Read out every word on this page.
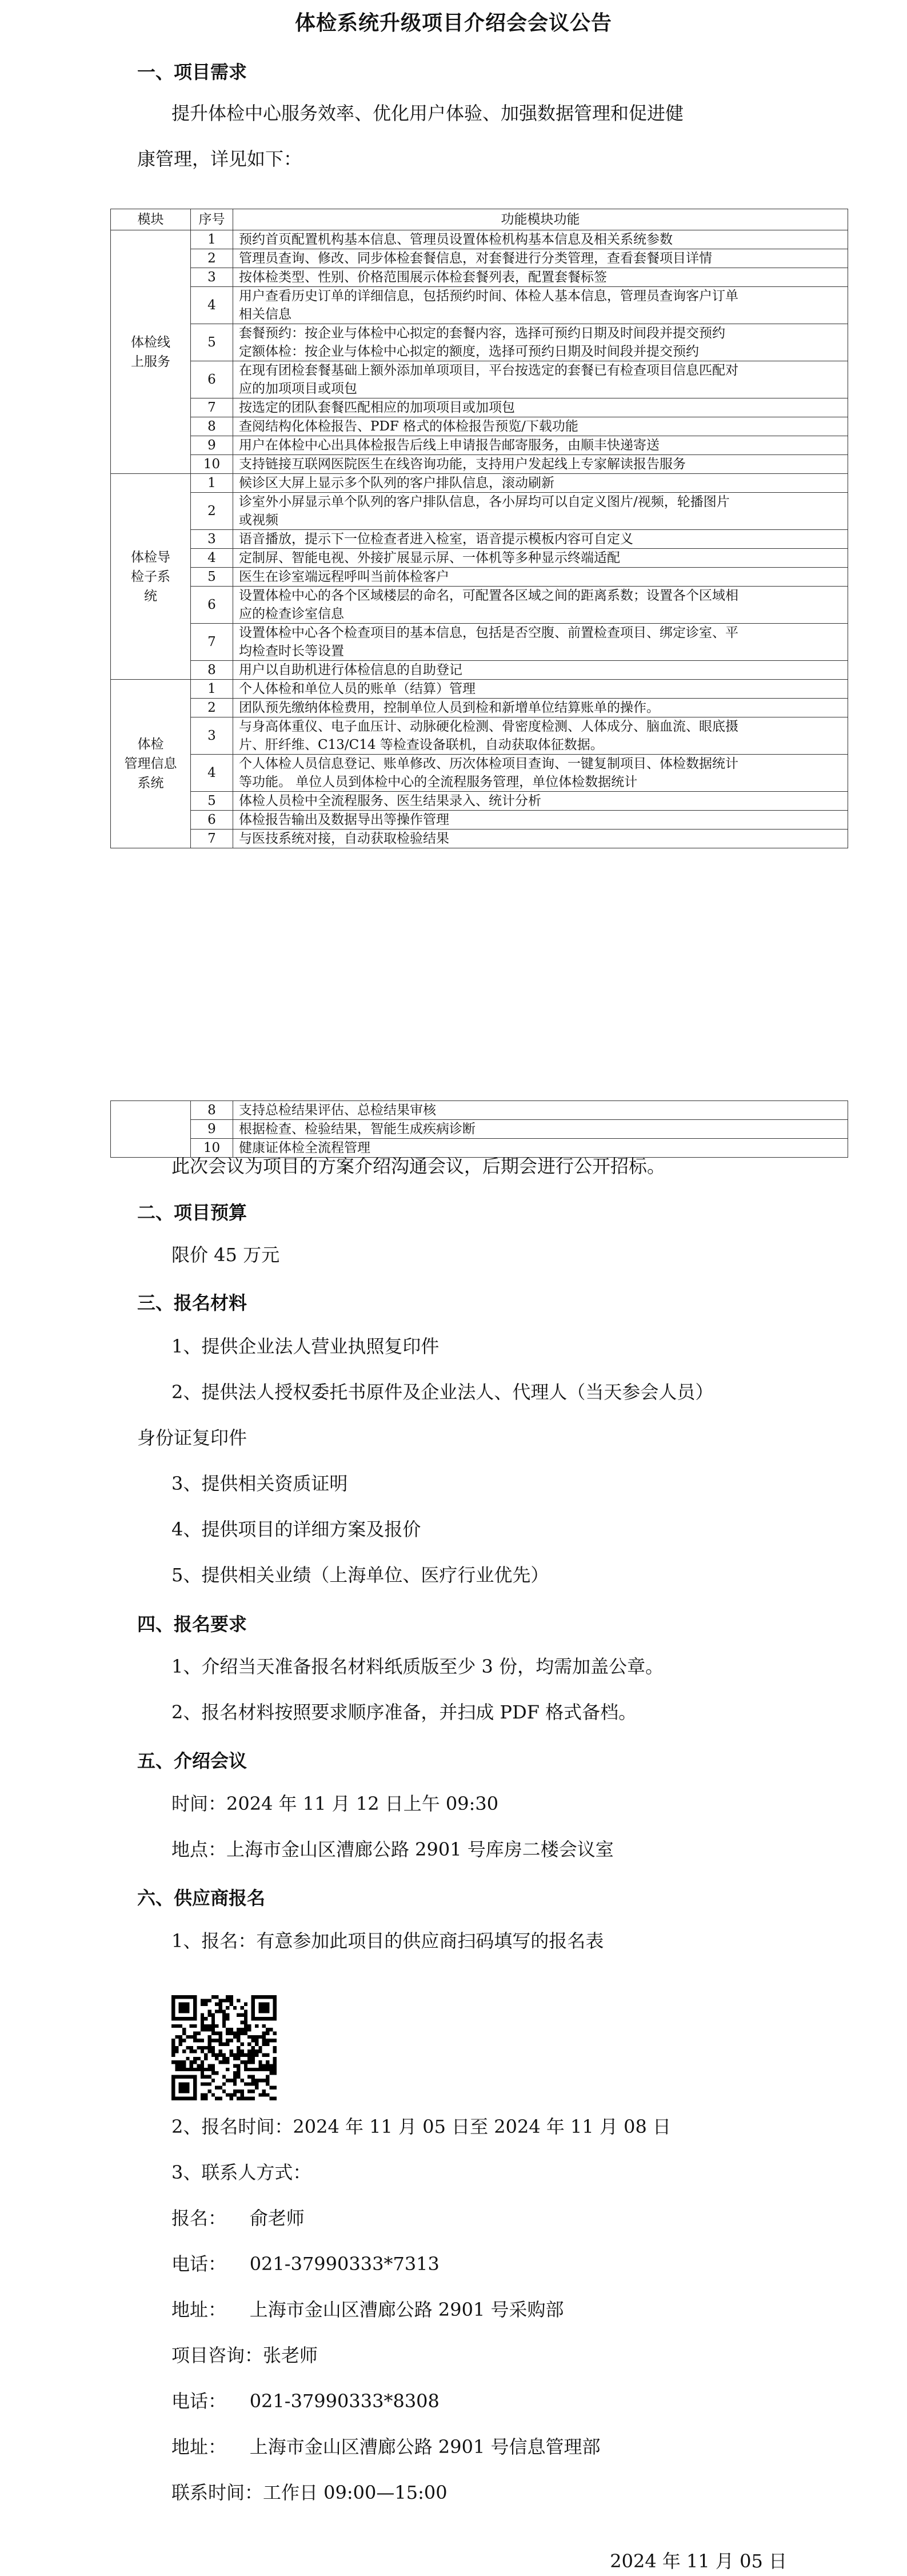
体检系统升级项目介绍会会议公告
一、项目需求
提升体检中心服务效率、优化用户体验、加强数据管理和促进健
康管理，详见如下：
模块	序号	功能模块功能

体检线
上服务	1	预约首页配置机构基本信息、管理员设置体检机构基本信息及相关系统参数

	2	管理员查询、修改、同步体检套餐信息，对套餐进行分类管理，查看套餐项目详情

	3	按体检类型、性别、价格范围展示体检套餐列表，配置套餐标签

	4	用户查看历史订单的详细信息，包括预约时间、体检人基本信息，管理员查询客户订单
相关信息

	5	套餐预约：按企业与体检中心拟定的套餐内容，选择可预约日期及时间段并提交预约
定额体检：按企业与体检中心拟定的额度，选择可预约日期及时间段并提交预约

	6	在现有团检套餐基础上额外添加单项项目，平台按选定的套餐已有检查项目信息匹配对
应的加项项目或项包

	7	按选定的团队套餐匹配相应的加项项目或加项包

	8	查阅结构化体检报告、PDF 格式的体检报告预览/下载功能

	9	用户在体检中心出具体检报告后线上申请报告邮寄服务，由顺丰快递寄送

	10	支持链接互联网医院医生在线咨询功能，支持用户发起线上专家解读报告服务

体检导
检子系
统	1	候诊区大屏上显示多个队列的客户排队信息，滚动刷新

	2	诊室外小屏显示单个队列的客户排队信息，各小屏均可以自定义图片/视频，轮播图片
或视频

	3	语音播放，提示下一位检查者进入检室，语音提示模板内容可自定义

	4	定制屏、智能电视、外接扩展显示屏、一体机等多种显示终端适配

	5	医生在诊室端远程呼叫当前体检客户

	6	设置体检中心的各个区域楼层的命名，可配置各区域之间的距离系数；设置各个区域相
应的检查诊室信息

	7	设置体检中心各个检查项目的基本信息，包括是否空腹、前置检查项目、绑定诊室、平
均检查时长等设置

	8	用户以自助机进行体检信息的自助登记

体检
管理信息
系统	1	个人体检和单位人员的账单（结算）管理

	2	团队预先缴纳体检费用，控制单位人员到检和新增单位结算账单的操作。

	3	与身高体重仪、电子血压计、动脉硬化检测、骨密度检测、人体成分、脑血流、眼底摄
片、肝纤维、C13/C14 等检查设备联机，自动获取体征数据。

	4	个人体检人员信息登记、账单修改、历次体检项目查询、一键复制项目、体检数据统计
等功能。 单位人员到体检中心的全流程服务管理，单位体检数据统计

	5	体检人员检中全流程服务、医生结果录入、统计分析

	6	体检报告输出及数据导出等操作管理

	7	与医技系统对接，自动获取检验结果
	8	支持总检结果评估、总检结果审核

	9	根据检查、检验结果，智能生成疾病诊断

	10	健康证体检全流程管理
此次会议为项目的方案介绍沟通会议，后期会进行公开招标。
二、项目预算
限价 45 万元
三、报名材料
1、提供企业法人营业执照复印件
2、提供法人授权委托书原件及企业法人、代理人（当天参会人员）
身份证复印件
3、提供相关资质证明
4、提供项目的详细方案及报价
5、提供相关业绩（上海单位、医疗行业优先）
四、报名要求
1、介绍当天准备报名材料纸质版至少 3 份，均需加盖公章。
2、报名材料按照要求顺序准备，并扫成 PDF 格式备档。
五、介绍会议
时间：2024 年 11 月 12 日上午 09:30
地点：上海市金山区漕廊公路 2901 号库房二楼会议室
六、供应商报名
1、报名：有意参加此项目的供应商扫码填写的报名表
2、报名时间：2024 年 11 月 05 日至 2024 年 11 月 08 日
3、联系人方式：
报名：    俞老师
电话：    021-37990333*7313
地址：    上海市金山区漕廊公路 2901 号采购部
项目咨询：张老师
电话：    021-37990333*8308
地址：    上海市金山区漕廊公路 2901 号信息管理部
联系时间：工作日 09:00—15:00
2024 年 11 月 05 日
